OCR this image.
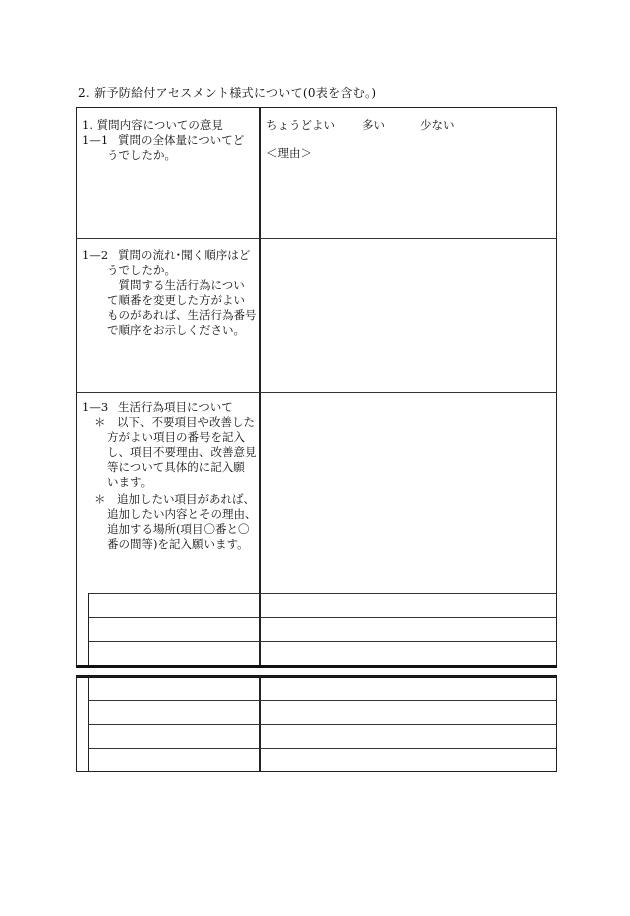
2. 新予防給付アセスメント様式について(0表を含む。)
1. 質問内容についての意見
1—1 質問の全体量についてど
うでしたか。
ちょうどよい 多い	少ない
＜理由＞
1—2 質問の流れ･聞く順序はど
うでしたか。
　質問する生活行為につい
て順番を変更した方がよい
ものがあれば、生活行為番号
で順序をお示しください。
1—3 生活行為項目について
＊　以下、不要項目や改善した
方がよい項目の番号を記入
し、項目不要理由、改善意見
等について具体的に記入願
います。
＊　追加したい項目があれば、
追加したい内容とその理由、
追加する場所(項目〇番と〇
番の間等)を記入願います。
